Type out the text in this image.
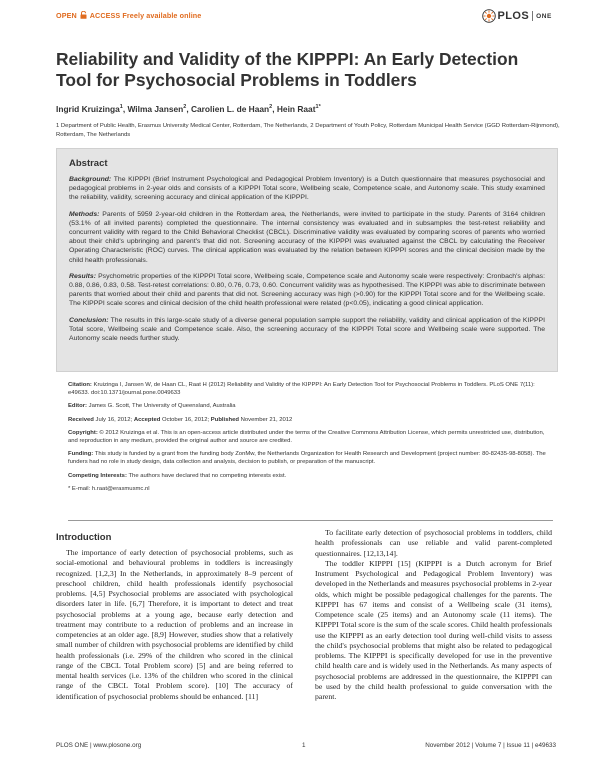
OPEN ACCESS Freely available online	PLOS ONE
Reliability and Validity of the KIPPPI: An Early Detection
Tool for Psychosocial Problems in Toddlers
Ingrid Kruizinga$^1$, Wilma Jansen$^2$, Carolien L. de Haan$^2$, Hein Raat$^{1*}$
1 Department of Public Health, Erasmus University Medical Center, Rotterdam, The Netherlands, 2 Department of Youth Policy, Rotterdam Municipal Health Service (GGD Rotterdam-Rijnmond), Rotterdam, The Netherlands
Abstract

Background: The KIPPPI (Brief Instrument Psychological and Pedagogical Problem Inventory) is a Dutch questionnaire that measures psychosocial and pedagogical problems in 2-year olds and consists of a KIPPPI Total score, Wellbeing scale, Competence scale, and Autonomy scale. This study examined the reliability, validity, screening accuracy and clinical application of the KIPPPI.

Methods: Parents of 5959 2-year-old children in the Rotterdam area, the Netherlands, were invited to participate in the study. Parents of 3164 children (53.1% of all invited parents) completed the questionnaire. The internal consistency was evaluated and in subsamples the test-retest reliability and concurrent validity with regard to the Child Behavioral Checklist (CBCL). Discriminative validity was evaluated by comparing scores of parents who worried about their child's upbringing and parent's that did not. Screening accuracy of the KIPPPI was evaluated against the CBCL by calculating the Receiver Operating Characteristic (ROC) curves. The clinical application was evaluated by the relation between KIPPPI scores and the clinical decision made by the child health professionals.

Results: Psychometric properties of the KIPPPI Total score, Wellbeing scale, Competence scale and Autonomy scale were respectively: Cronbach's alphas: 0.88, 0.86, 0.83, 0.58. Test-retest correlations: 0.80, 0.76, 0.73, 0.60. Concurrent validity was as hypothesised. The KIPPPI was able to discriminate between parents that worried about their child and parents that did not. Screening accuracy was high (>0.90) for the KIPPPI Total score and for the Wellbeing scale. The KIPPPI scale scores and clinical decision of the child health professional were related (p<0.05), indicating a good clinical application.

Conclusion: The results in this large-scale study of a diverse general population sample support the reliability, validity and clinical application of the KIPPPI Total score, Wellbeing scale and Competence scale. Also, the screening accuracy of the KIPPPI Total score and Wellbeing scale were supported. The Autonomy scale needs further study.

Citation: Kruizinga I, Jansen W, de Haan CL, Raat H (2012) Reliability and Validity of the KIPPPI: An Early Detection Tool for Psychosocial Problems in Toddlers. PLoS ONE 7(11): e49633. doi:10.1371/journal.pone.0049633

Editor: James G. Scott, The University of Queensland, Australia

Received July 16, 2012; Accepted October 16, 2012; Published November 21, 2012

Copyright: © 2012 Kruizinga et al. This is an open-access article distributed under the terms of the Creative Commons Attribution License, which permits unrestricted use, distribution, and reproduction in any medium, provided the original author and source are credited.

Funding: This study is funded by a grant from the funding body ZonMw, the Netherlands Organization for Health Research and Development (project number: 80-82435-98-8058). The funders had no role in study design, data collection and analysis, decision to publish, or preparation of the manuscript.

Competing Interests: The authors have declared that no competing interests exist.

* E-mail: h.raat@erasmusmc.nl

Introduction

The importance of early detection of psychosocial problems, such as social-emotional and behavioural problems in toddlers is increasingly recognized. [1,2,3] In the Netherlands, in approximately 8–9 percent of preschool children, child health professionals identify psychosocial problems. [4,5] Psychosocial problems are associated with psychological disorders later in life. [6,7] Therefore, it is important to detect and treat psychosocial problems at a young age, because early detection and treatment may contribute to a reduction of problems and an increase in competencies at an older age. [8,9] However, studies show that a relatively small number of children with psychosocial problems are identified by child health professionals (i.e. 29% of the children who scored in the clinical range of the CBCL Total Problem score) [5] and are being referred to mental health services (i.e. 13% of the children who scored in the clinical range of the CBCL Total Problem score). [10] The accuracy of identification of psychosocial problems should be enhanced. [11]

To facilitate early detection of psychosocial problems in toddlers, child health professionals can use reliable and valid parent-completed questionnaires. [12,13,14].

The toddler KIPPPI [15] (KIPPPI is a Dutch acronym for Brief Instrument Psychological and Pedagogical Problem Inventory) was developed in the Netherlands and measures psychosocial problems in 2-year olds, which might be possible pedagogical challenges for the parents. The KIPPPI has 67 items and consist of a Wellbeing scale (31 items), Competence scale (25 items) and an Autonomy scale (11 items). The KIPPPI Total score is the sum of the scale scores. Child health professionals use the KIPPPI as an early detection tool during well-child visits to assess the child's psychosocial problems that might also be related to pedagogical problems. The KIPPPI is specifically developed for use in the preventive child health care and is widely used in the Netherlands. As many aspects of psychosocial problems are addressed in the questionnaire, the KIPPPI can be used by the child health professional to guide conversation with the parent.

PLOS ONE | www.plosone.org	1	November 2012 | Volume 7 | Issue 11 | e49633
